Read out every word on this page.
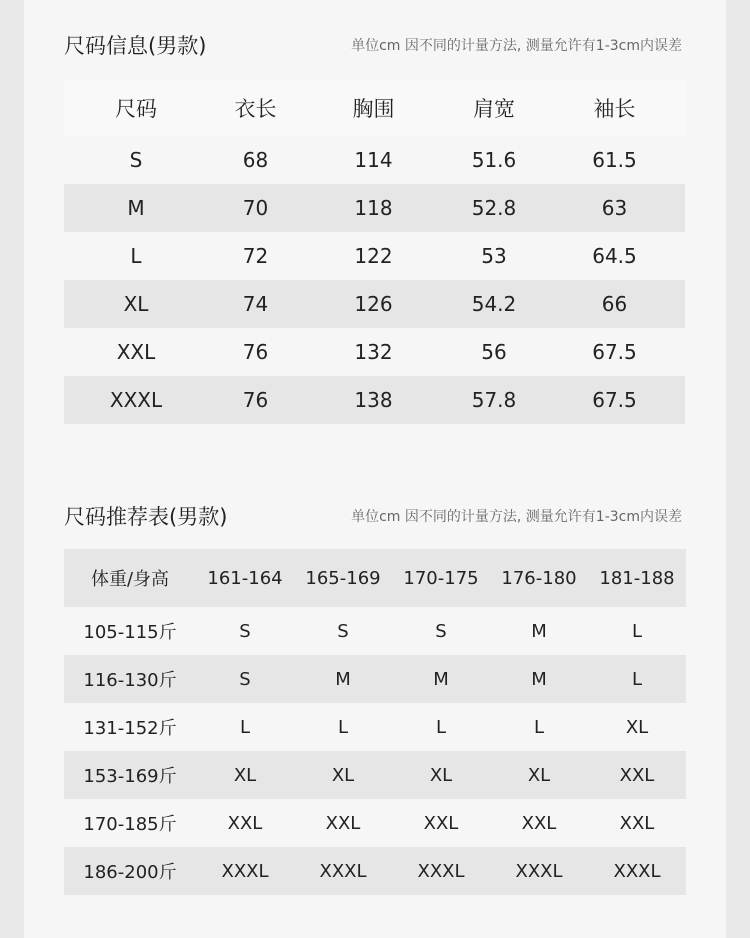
尺码信息(男款)	单位cm 因不同的计量方法, 测量允许有1-3cm内误差
尺码	衣长	胸围	肩宽	袖长
S	68	114	51.6	61.5
M	70	118	52.8	63
L	72	122	53	64.5
XL	74	126	54.2	66
XXL	76	132	56	67.5
XXXL	76	138	57.8	67.5
尺码推荐表(男款)	单位cm 因不同的计量方法, 测量允许有1-3cm内误差
体重/身高	161-164	165-169	170-175	176-180	181-188
105-115斤	S	S	S	M	L
116-130斤	S	M	M	M	L
131-152斤	L	L	L	L	XL
153-169斤	XL	XL	XL	XL	XXL
170-185斤	XXL	XXL	XXL	XXL	XXL
186-200斤	XXXL	XXXL	XXXL	XXXL	XXXL
